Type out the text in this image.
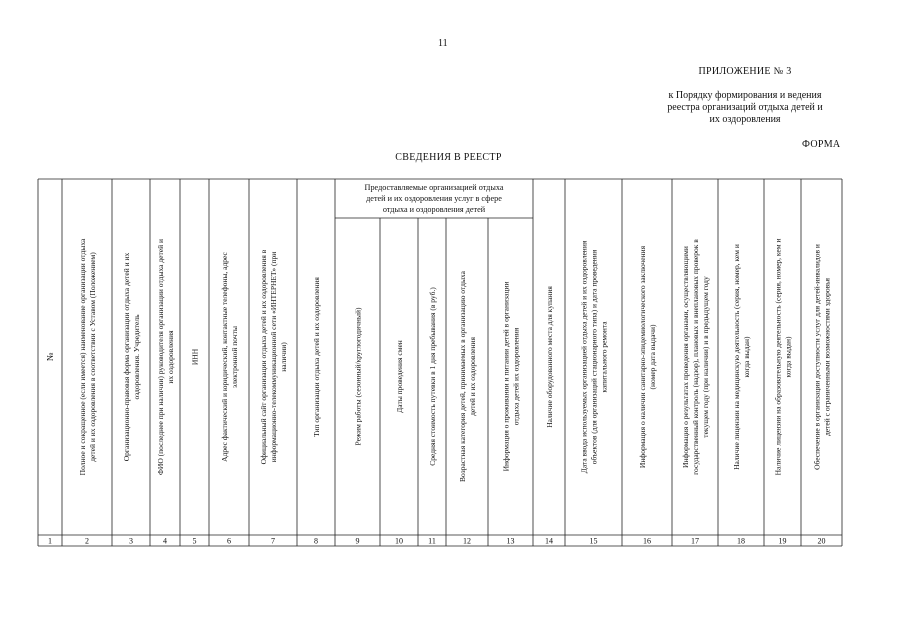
11
ПРИЛОЖЕНИЕ № 3
к Порядку формирования и ведения
реестра организаций отдыха детей и
их оздоровления
ФОРМА
СВЕДЕНИЯ В РЕЕСТР
Предоставляемые организацией отдыха
детей и их оздоровления услуг в сфере
отдыха и оздоровления детей
№
1
Полное и сокращенное (если имеется) наименование организации отдыха детей и их оздоровления в соответствии с Уставом (Положением)
2
Организационно-правовая форма организации отдыха детей и их оздоровления. Учредитель
3
ФИО (последнее при наличии) руководителя организации отдыха детей и их оздоровления
4
ИНН
5
Адрес фактический и юридический, контактные телефоны, адрес электронной почты
6
Официальный сайт организации отдыха детей и их оздоровления в информационно-телекоммуникационной сети «ИНТЕРНЕТ» (при наличии)
7
Тип организации отдыха детей и их оздоровления
8
Режим работы (сезонный/круглогодичный)
9
Даты проведения смен
10
Средняя стоимость путевки в 1 дня пребывания (в руб.)
11
Возрастная категория детей, принимаемых в организацию отдыха детей и их оздоровления
12
Информация о проживании и питании детей в организации отдыха детей их оздоровления
13
Наличие оборудованного места для купания
14
Дата ввода используемых организацией отдыха детей и их оздоровления объектов (для организаций стационарного типа) и дата проведения капитального ремонта
15
Информация о наличии санитарно-эпидемиологического заключения (номер дата выдачи)
16
Информация о результатах проведения органами, осуществляющими государственный контроль (надзор), плановых и внеплановых проверок в текущем году (при наличии) и в предыдущем году
17
Наличие лицензии на медицинскую деятельность (серия, номер, кем и когда выдан)
18
Наличие лицензии на образовательную деятельность (серия, номер, кем и когда выдан)
19
Обеспечение в организации доступности услуг для детей-инвалидов и детей с ограниченными возможностями здоровья
20
